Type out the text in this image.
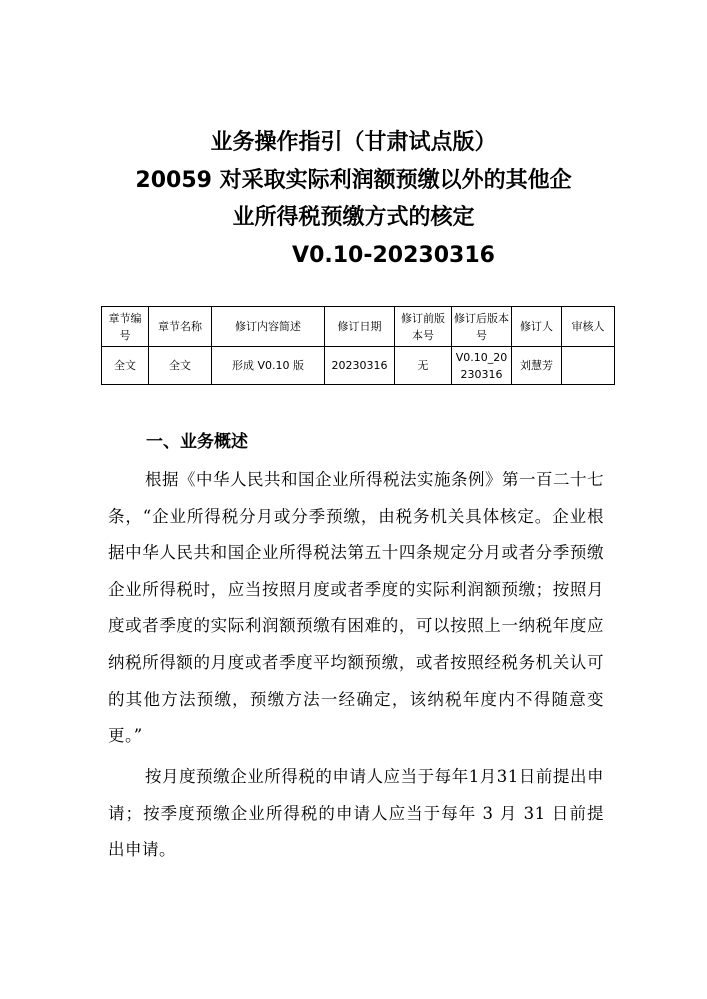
业务操作指引（甘肃试点版）
20059 对采取实际利润额预缴以外的其他企
业所得税预缴方式的核定
V0.10-20230316
章节编号	章节名称	修订内容简述	修订日期	修订前版本号	修订后版本号	修订人	审核人
全文	全文	形成 V0.10 版	20230316	无	V0.10_20230316	刘慧芳	
一、业务概述

根据《中华人民共和国企业所得税法实施条例》第一百二十七条，“企业所得税分月或分季预缴，由税务机关具体核定。企业根据中华人民共和国企业所得税法第五十四条规定分月或者分季预缴企业所得税时，应当按照月度或者季度的实际利润额预缴；按照月度或者季度的实际利润额预缴有困难的，可以按照上一纳税年度应纳税所得额的月度或者季度平均额预缴，或者按照经税务机关认可的其他方法预缴，预缴方法一经确定，该纳税年度内不得随意变更。”

按月度预缴企业所得税的申请人应当于每年1月31日前提出申请；按季度预缴企业所得税的申请人应当于每年 3 月 31 日前提出申请。
